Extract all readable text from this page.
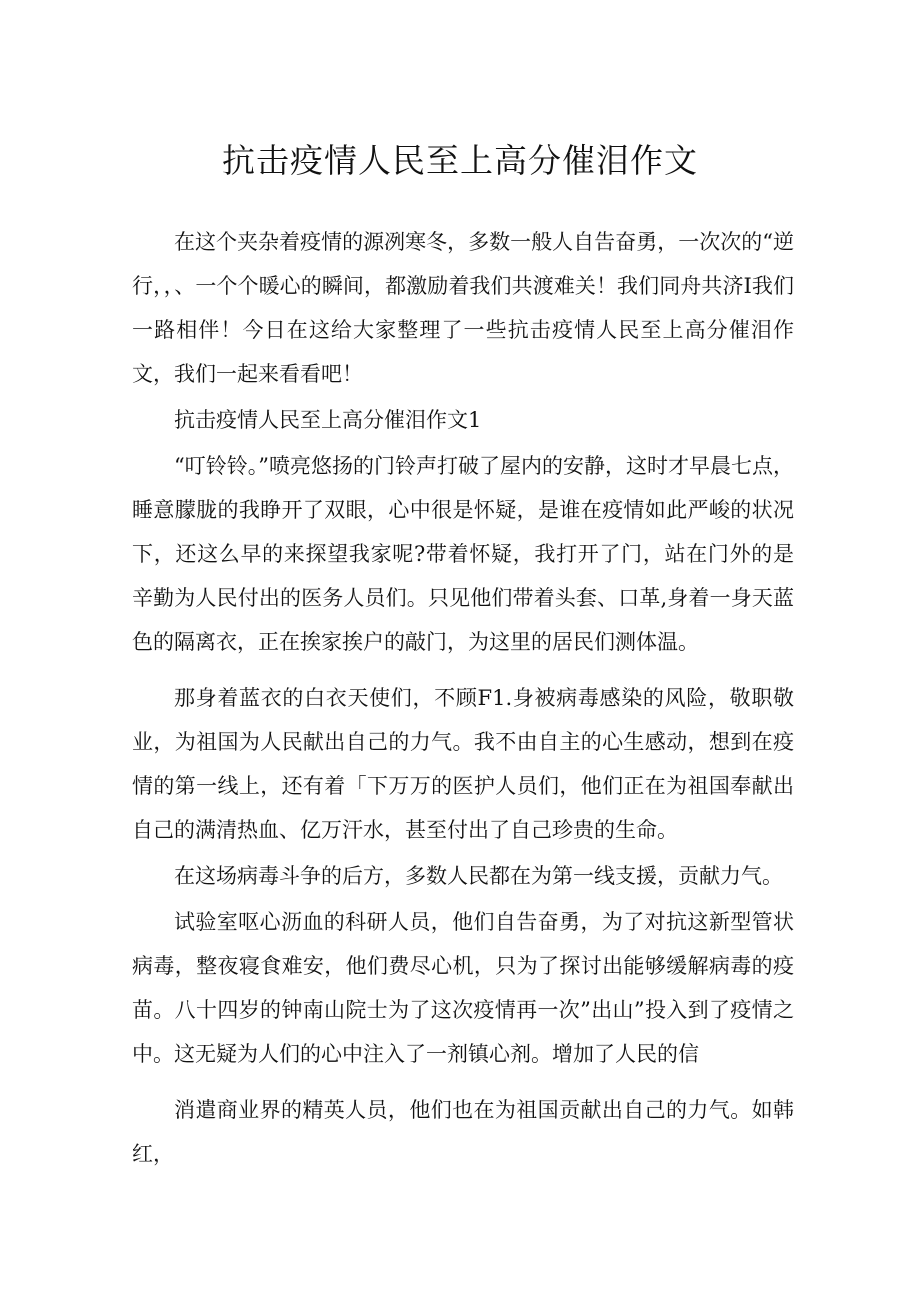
抗击疫情人民至上高分催泪作文

在这个夹杂着疫情的源冽寒冬，多数一般人自告奋勇，一次次的“逆行，，、一个个暖心的瞬间，都激励着我们共渡难关！我们同舟共济I我们一路相伴！今日在这给大家整理了一些抗击疫情人民至上高分催泪作文，我们一起来看看吧！

抗击疫情人民至上高分催泪作文1

“叮铃铃。”喷亮悠扬的门铃声打破了屋内的安静，这时才早晨七点，睡意朦胧的我睁开了双眼，心中很是怀疑，是谁在疫情如此严峻的状况下，还这么早的来探望我家呢?带着怀疑，我打开了门，站在门外的是辛勤为人民付出的医务人员们。只见他们带着头套、口革,身着一身天蓝色的隔离衣，正在挨家挨户的敲门，为这里的居民们测体温。

那身着蓝衣的白衣天使们，不顾F1.身被病毒感染的风险，敬职敬业，为祖国为人民献出自己的力气。我不由自主的心生感动，想到在疫情的第一线上，还有着「下万万的医护人员们，他们正在为祖国奉献出自己的满清热血、亿万汗水，甚至付出了自己珍贵的生命。

在这场病毒斗争的后方，多数人民都在为第一线支援，贡献力气。

试验室呕心沥血的科研人员，他们自告奋勇，为了对抗这新型管状病毒，整夜寝食难安，他们费尽心机，只为了探讨出能够缓解病毒的疫苗。八十四岁的钟南山院士为了这次疫情再一次”出山”投入到了疫情之中。这无疑为人们的心中注入了一剂镇心剂。增加了人民的信

消遣商业界的精英人员，他们也在为祖国贡献出自己的力气。如韩红，
